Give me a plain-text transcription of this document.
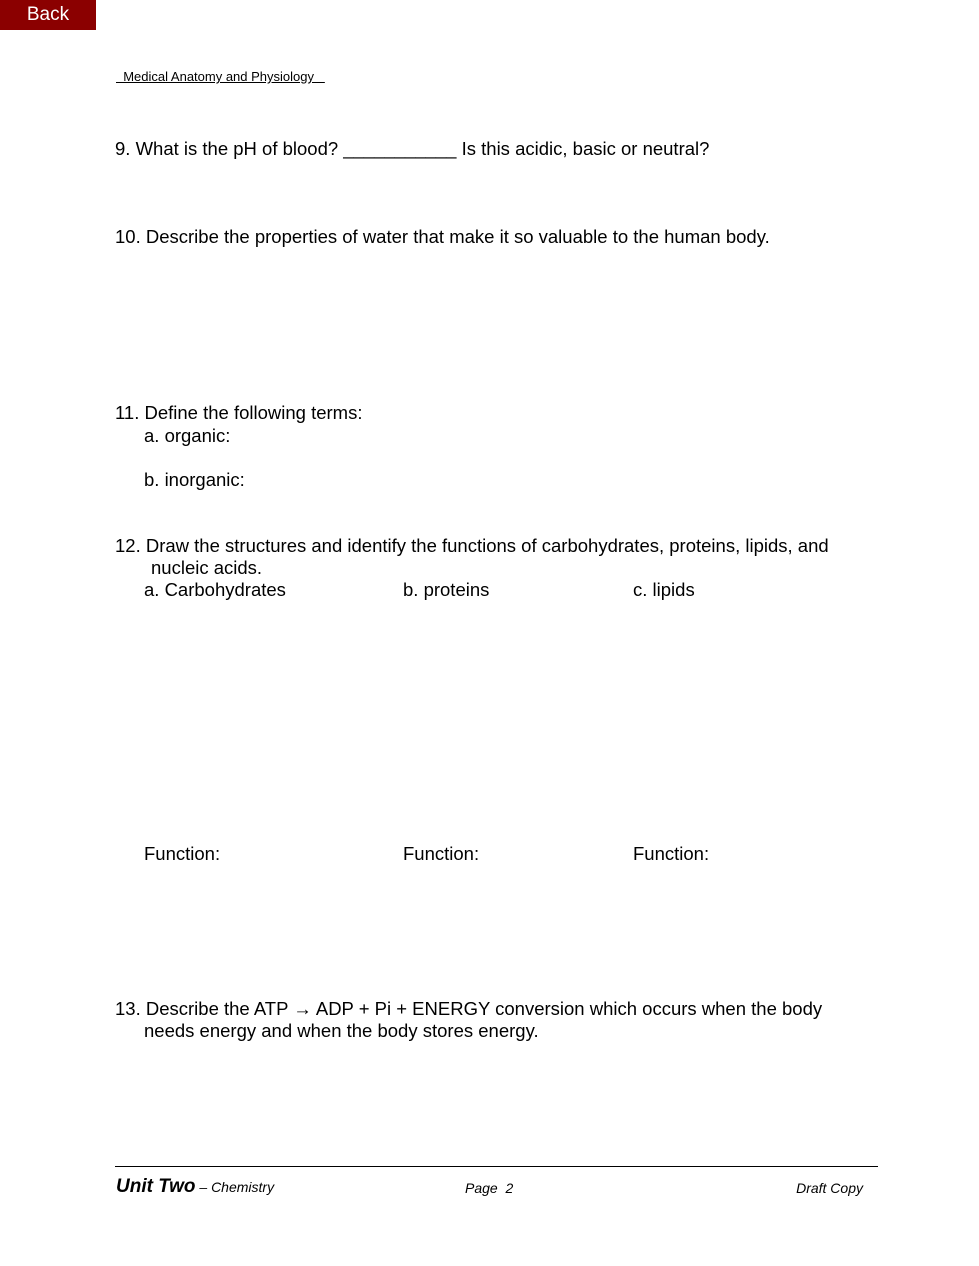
Back
Medical Anatomy and Physiology
9. What is the pH of blood? ___________ Is this acidic, basic or neutral?
10. Describe the properties of water that make it so valuable to the human body.
11. Define the following terms:
a. organic:
b. inorganic:
12. Draw the structures and identify the functions of carbohydrates, proteins, lipids, and
nucleic acids.
a. Carbohydrates	b. proteins	c. lipids
Function:	Function:	Function:
13. Describe the ATP → ADP + Pi + ENERGY conversion which occurs when the body
needs energy and when the body stores energy.
Unit Two – Chemistry	Page  2	Draft Copy
